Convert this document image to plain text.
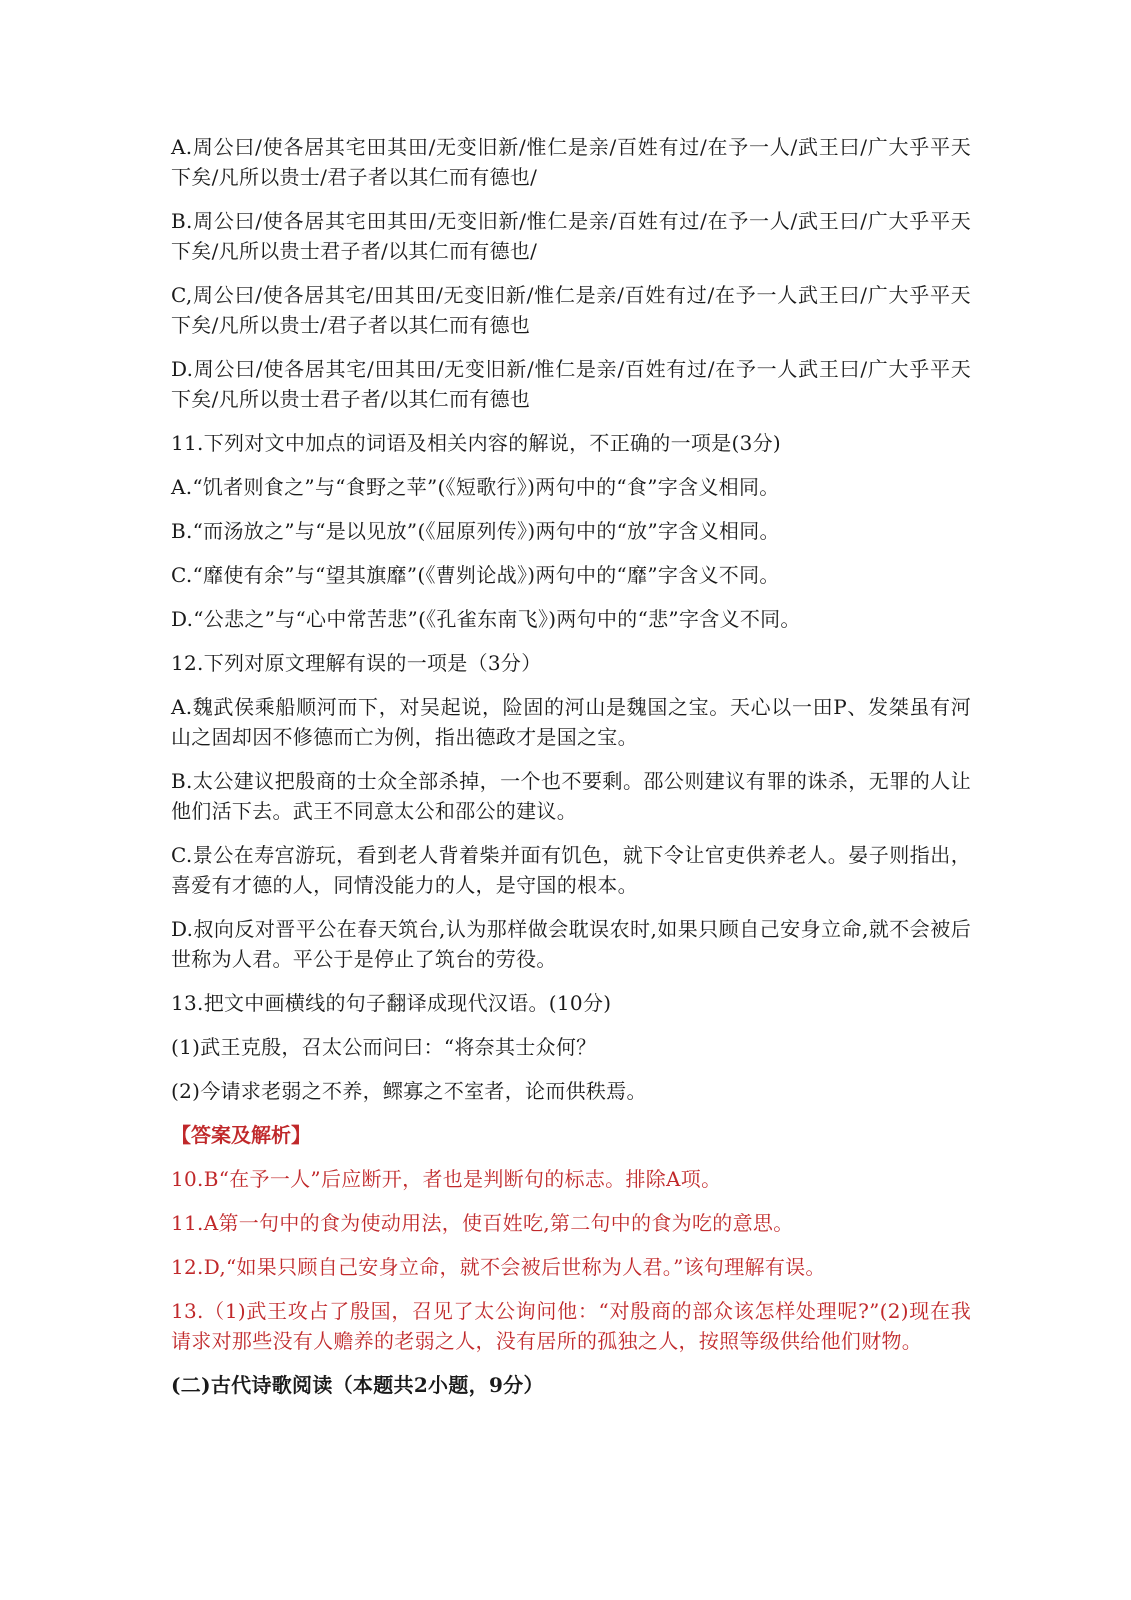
A.周公曰/使各居其宅田其田/无变旧新/惟仁是亲/百姓有过/在予一人/武王曰/广大乎平天下矣/凡所以贵士/君子者以其仁而有德也/

B.周公曰/使各居其宅田其田/无变旧新/惟仁是亲/百姓有过/在予一人/武王曰/广大乎平天下矣/凡所以贵士君子者/以其仁而有德也/

C,周公曰/使各居其宅/田其田/无变旧新/惟仁是亲/百姓有过/在予一人武王曰/广大乎平天下矣/凡所以贵士/君子者以其仁而有德也

D.周公曰/使各居其宅/田其田/无变旧新/惟仁是亲/百姓有过/在予一人武王曰/广大乎平天下矣/凡所以贵士君子者/以其仁而有德也

11.下列对文中加点的词语及相关内容的解说，不正确的一项是(3分)

A.“饥者则食之”与“食野之苹”(《短歌行》)两句中的“食”字含义相同。

B.“而汤放之”与“是以见放”(《屈原列传》)两句中的“放”字含义相同。

C.“靡使有余”与“望其旗靡”(《曹刿论战》)两句中的“靡”字含义不同。

D.“公悲之”与“心中常苦悲”(《孔雀东南飞》)两句中的“悲”字含义不同。

12.下列对原文理解有误的一项是（3分）

A.魏武侯乘船顺河而下，对吴起说，险固的河山是魏国之宝。天心以一田P、发桀虽有河山之固却因不修德而亡为例，指出德政才是国之宝。

B.太公建议把殷商的士众全部杀掉，一个也不要剩。邵公则建议有罪的诛杀，无罪的人让他们活下去。武王不同意太公和邵公的建议。

C.景公在寿宫游玩，看到老人背着柴并面有饥色，就下令让官吏供养老人。晏子则指出，喜爱有才德的人，同情没能力的人，是守国的根本。

D.叔向反对晋平公在春天筑台,认为那样做会耽误农时,如果只顾自己安身立命,就不会被后世称为人君。平公于是停止了筑台的劳役。

13.把文中画横线的句子翻译成现代汉语。(10分)

(1)武王克殷，召太公而问曰：“将奈其士众何？

(2)今请求老弱之不养，鳏寡之不室者，论而供秩焉。

【答案及解析】

10.B“在予一人”后应断开，者也是判断句的标志。排除A项。

11.A第一句中的食为使动用法，使百姓吃,第二句中的食为吃的意思。

12.D,“如果只顾自己安身立命，就不会被后世称为人君。”该句理解有误。

13.（1)武王攻占了殷国，召见了太公询问他：“对殷商的部众该怎样处理呢?”(2)现在我请求对那些没有人赡养的老弱之人，没有居所的孤独之人，按照等级供给他们财物。

(二)古代诗歌阅读（本题共2小题，9分）
